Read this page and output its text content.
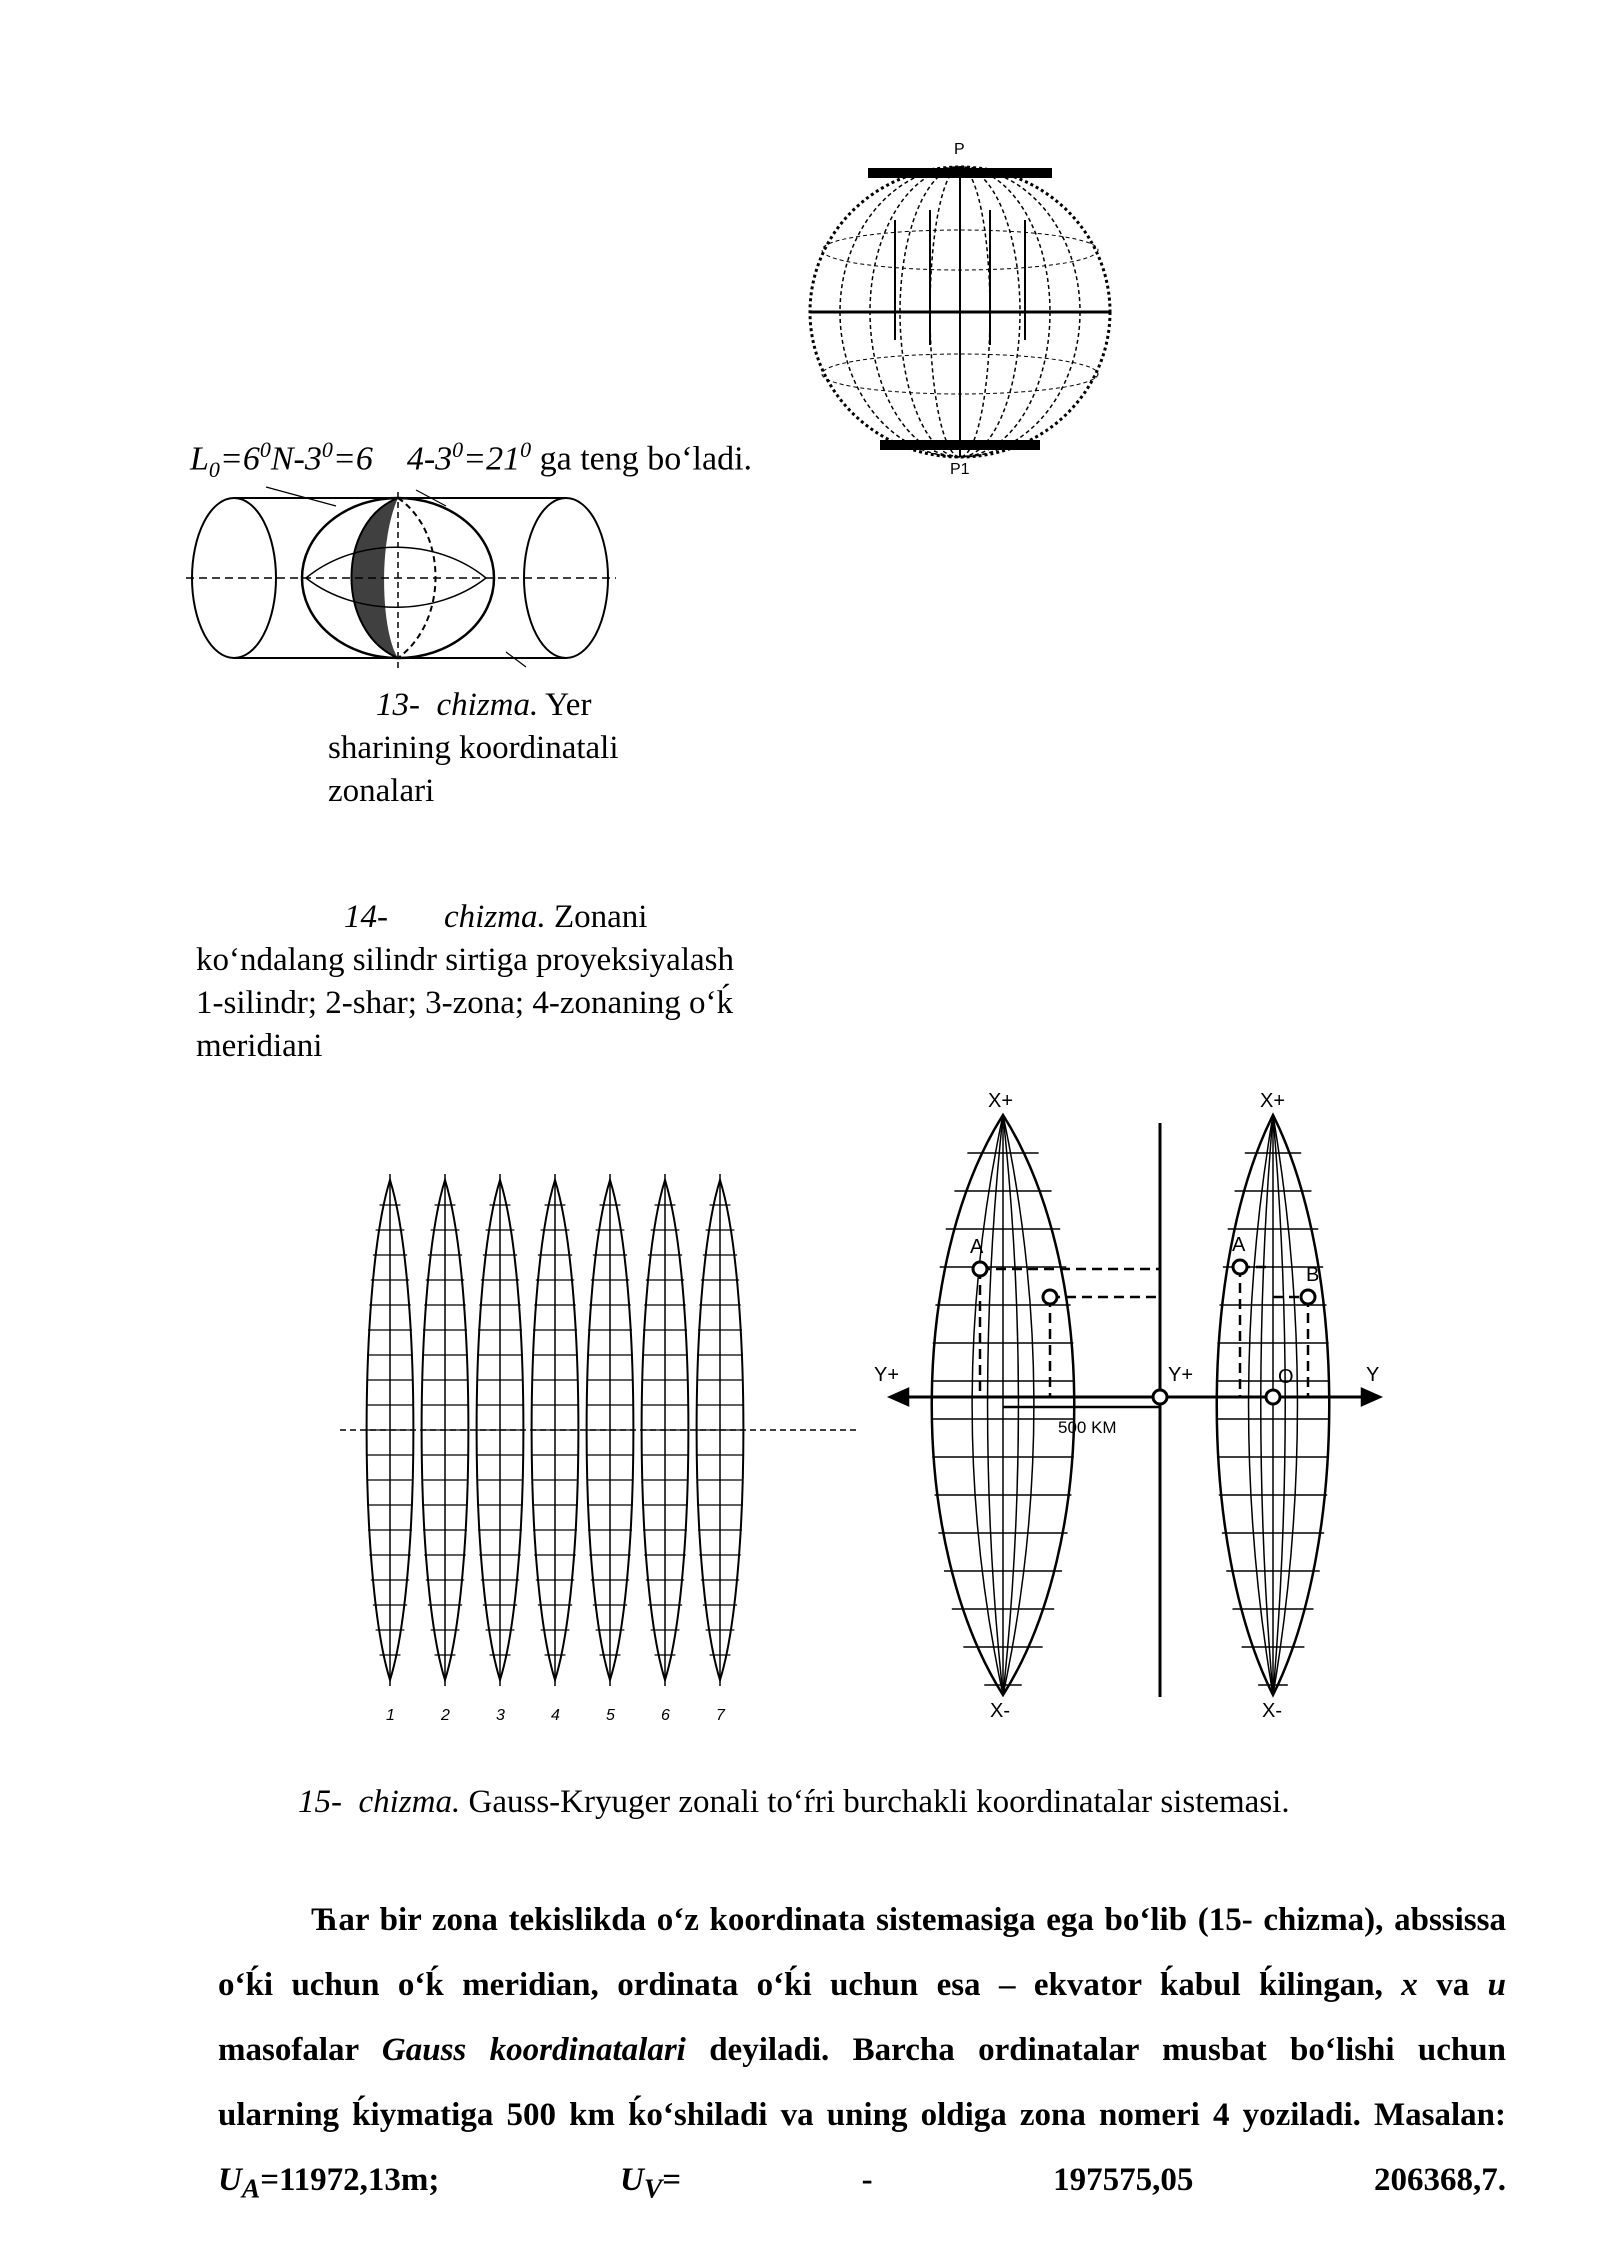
P
P1
$L_0=6^0N-3^0=6$ $4-3^0=21^0$ ga teng bo‘ladi.
13- chizma. Yer sharining koordinatali zonalari
14- chizma. Zonani ko‘ndalang silindr sirtiga proyeksiyalash 1-silindr; 2-shar; 3-zona; 4-zonaning o‘ḱ meridiani
1	2	3	4	5	6	7
X+	X+
X-	X-
Y+	Y+	Y
A	A
B
O
500 KM
15- chizma. Gauss-Kryuger zonali to‘ŕri burchakli koordinatalar sistemasi.
Ћar bir zona tekislikda o‘z koordinata sistemasiga ega bo‘lib (15- chizma), abssissa o‘ḱi uchun o‘ḱ meridian, ordinata o‘ḱi uchun esa – ekvator ḱabul ḱilingan, x va u masofalar Gauss koordinatalari deyiladi. Barcha ordinatalar musbat bo‘lishi uchun ularning ḱiymatiga 500 km ḱo‘shiladi va uning oldiga zona nomeri 4 yoziladi. Masalan: $U_A=11972,13m$; $U_V= - 197575,05$ 206368,7.
